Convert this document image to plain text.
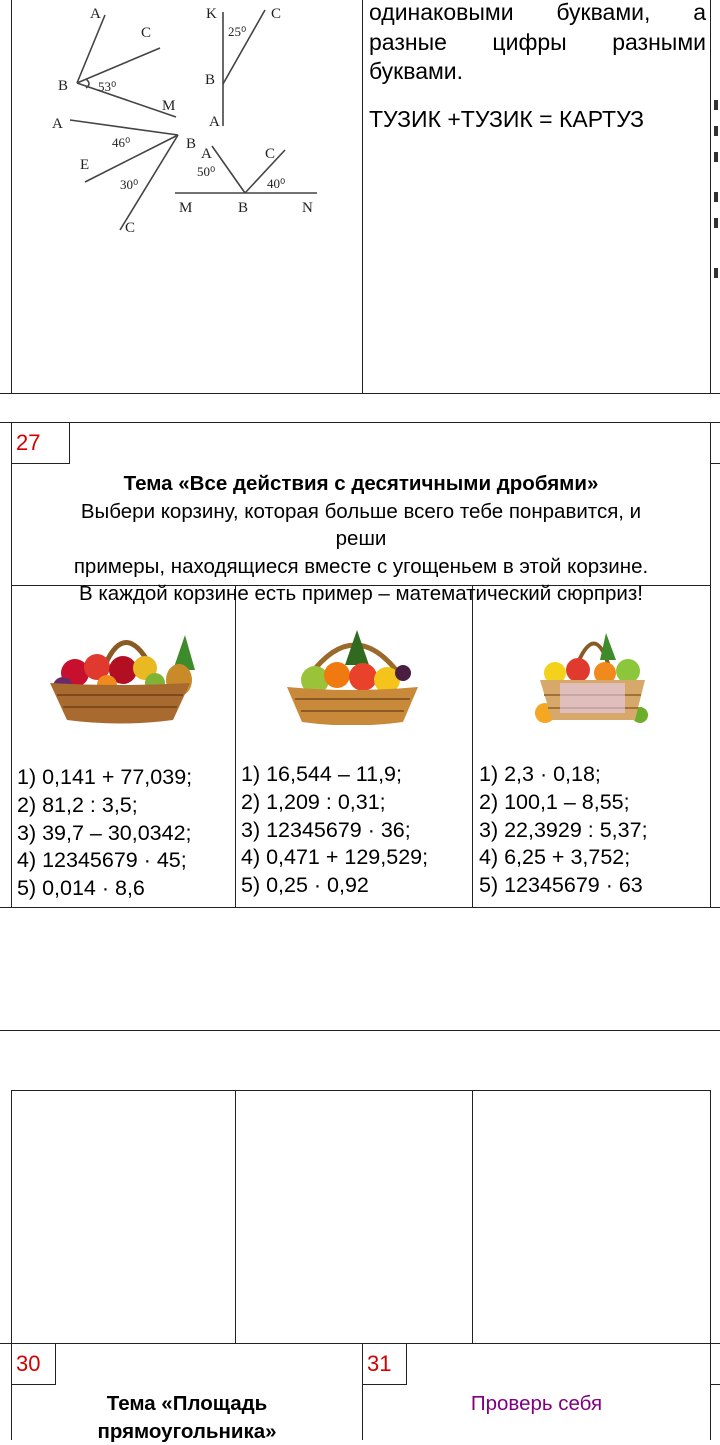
A
C
B 53⁰
M
K
25⁰
C
B
A
A
46⁰	B
E
30⁰
C
A	C
50⁰
40⁰
M	B	N
одинаковыми буквами, а
разные цифры разными
буквами.
ТУЗИК +ТУЗИК = КАРТУЗ
27
Тема «Все действия с десятичными дробями»
Выбери корзину, которая больше всего тебе понравится, и
реши
примеры, находящиеся вместе с угощеньем в этой корзине.
В каждой корзине есть пример – математический сюрприз!
1) 0,141 + 77,039;
2) 81,2 : 3,5;
3) 39,7 – 30,0342;
4) 12345679 · 45;
5) 0,014 · 8,6
1) 16,544 – 11,9;
2) 1,209 : 0,31;
3) 12345679 · 36;
4) 0,471 + 129,529;
5) 0,25 · 0,92
1) 2,3 · 0,18;
2) 100,1 – 8,55;
3) 22,3929 : 5,37;
4) 6,25 + 3,752;
5) 12345679 · 63
30	31
Тема «Площадь
прямоугольника»
Проверь себя
